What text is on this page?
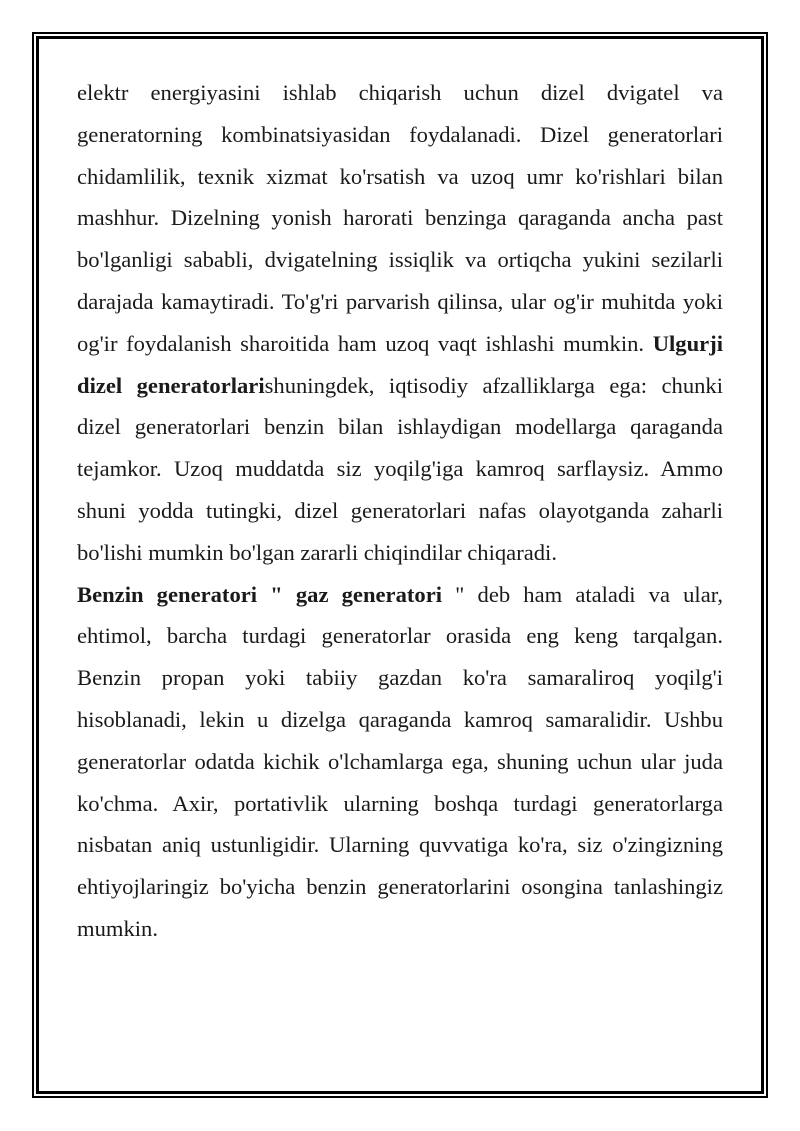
elektr energiyasini ishlab chiqarish uchun dizel dvigatel va generatorning kombinatsiyasidan foydalanadi. Dizel generatorlari chidamlilik, texnik xizmat ko'rsatish va uzoq umr ko'rishlari bilan mashhur. Dizelning yonish harorati benzinga qaraganda ancha past bo'lganligi sababli, dvigatelning issiqlik va ortiqcha yukini sezilarli darajada kamaytiradi. To'g'ri parvarish qilinsa, ular og'ir muhitda yoki og'ir foydalanish sharoitida ham uzoq vaqt ishlashi mumkin. Ulgurji dizel generatorlarishuningdek, iqtisodiy afzalliklarga ega: chunki dizel generatorlari benzin bilan ishlaydigan modellarga qaraganda tejamkor. Uzoq muddatda siz yoqilg'iga kamroq sarflaysiz. Ammo shuni yodda tutingki, dizel generatorlari nafas olayotganda zaharli bo'lishi mumkin bo'lgan zararli chiqindilar chiqaradi.

Benzin generatori " gaz generatori " deb ham ataladi va ular, ehtimol, barcha turdagi generatorlar orasida eng keng tarqalgan. Benzin propan yoki tabiiy gazdan ko'ra samaraliroq yoqilg'i hisoblanadi, lekin u dizelga qaraganda kamroq samaralidir. Ushbu generatorlar odatda kichik o'lchamlarga ega, shuning uchun ular juda ko'chma. Axir, portativlik ularning boshqa turdagi generatorlarga nisbatan aniq ustunligidir. Ularning quvvatiga ko'ra, siz o'zingizning ehtiyojlaringiz bo'yicha benzin generatorlarini osongina tanlashingiz mumkin.
